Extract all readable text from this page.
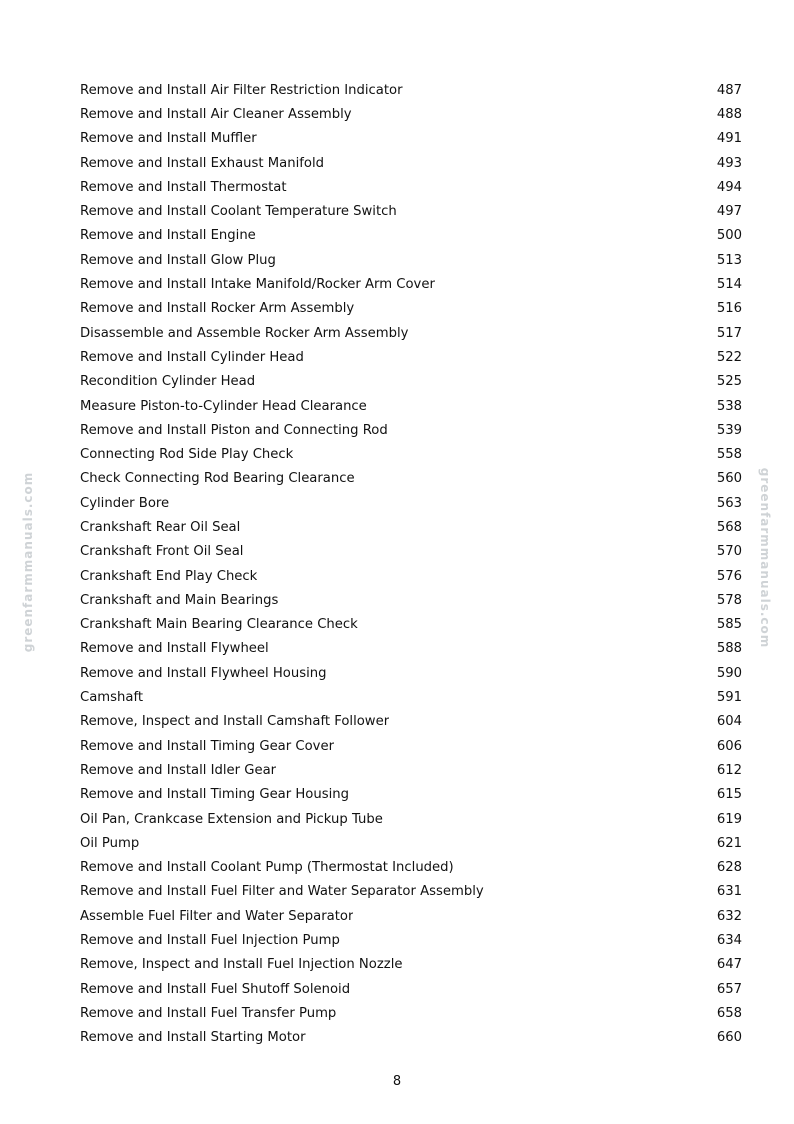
Remove and Install Air Filter Restriction Indicator	487
Remove and Install Air Cleaner Assembly	488
Remove and Install Muffler	491
Remove and Install Exhaust Manifold	493
Remove and Install Thermostat	494
Remove and Install Coolant Temperature Switch	497
Remove and Install Engine	500
Remove and Install Glow Plug	513
Remove and Install Intake Manifold/Rocker Arm Cover	514
Remove and Install Rocker Arm Assembly	516
Disassemble and Assemble Rocker Arm Assembly	517
Remove and Install Cylinder Head	522
Recondition Cylinder Head	525
Measure Piston-to-Cylinder Head Clearance	538
Remove and Install Piston and Connecting Rod	539
Connecting Rod Side Play Check	558
Check Connecting Rod Bearing Clearance	560
Cylinder Bore	563
Crankshaft Rear Oil Seal	568
Crankshaft Front Oil Seal	570
Crankshaft End Play Check	576
Crankshaft and Main Bearings	578
Crankshaft Main Bearing Clearance Check	585
Remove and Install Flywheel	588
Remove and Install Flywheel Housing	590
Camshaft	591
Remove, Inspect and Install Camshaft Follower	604
Remove and Install Timing Gear Cover	606
Remove and Install Idler Gear	612
Remove and Install Timing Gear Housing	615
Oil Pan, Crankcase Extension and Pickup Tube	619
Oil Pump	621
Remove and Install Coolant Pump (Thermostat Included)	628
Remove and Install Fuel Filter and Water Separator Assembly	631
Assemble Fuel Filter and Water Separator	632
Remove and Install Fuel Injection Pump	634
Remove, Inspect and Install Fuel Injection Nozzle	647
Remove and Install Fuel Shutoff Solenoid	657
Remove and Install Fuel Transfer Pump	658
Remove and Install Starting Motor	660
greenfarmmanuals.com	greenfarmmanuals.com
8
